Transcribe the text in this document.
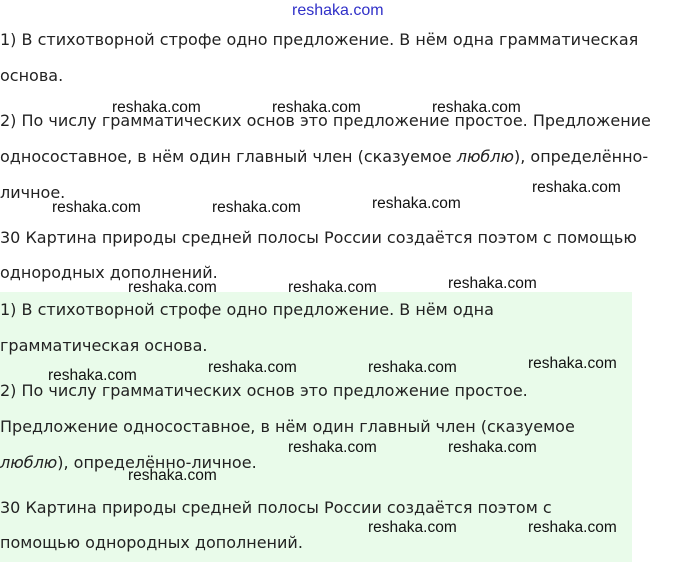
reshaka.com

1) В стихотворной строфе одно предложение. В нём одна грамматическая

основа.

2) По числу грамматических основ это предложение простое. Предложение

односоставное, в нём один главный член (сказуемое люблю), определённо-

личное.

30 Картина природы средней полосы России создаётся поэтом с помощью

однородных дополнений.

1) В стихотворной строфе одно предложение. В нём одна

грамматическая основа.

2) По числу грамматических основ это предложение простое.

Предложение односоставное, в нём один главный член (сказуемое

люблю), определённо-личное.

30 Картина природы средней полосы России создаётся поэтом с

помощью однородных дополнений.

reshaka.com	reshaka.com	reshaka.com
reshaka.com
reshaka.com	reshaka.com	reshaka.com
reshaka.com	reshaka.com	reshaka.com
reshaka.com	reshaka.com	reshaka.com
reshaka.com
reshaka.com	reshaka.com
reshaka.com
reshaka.com	reshaka.com
